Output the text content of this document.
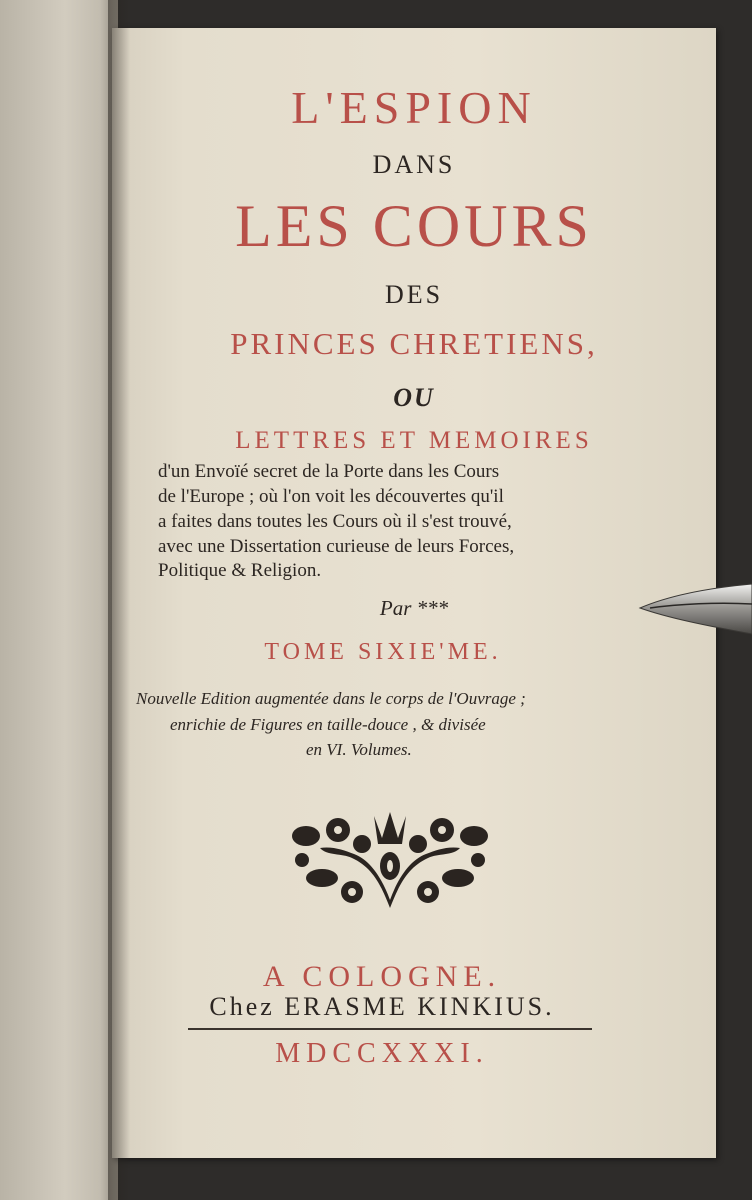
L'ESPION
DANS
LES COURS
DES
PRINCES CHRETIENS,
OU
LETTRES ET MEMOIRES
d'un Envoïé secret de la Porte dans les Cours
de l'Europe ; où l'on voit les découvertes qu'il
a faites dans toutes les Cours où il s'est trouvé,
avec une Dissertation curieuse de leurs Forces,
Politique & Religion.
Par ***
TOME SIXIE'ME.
Nouvelle Edition augmentée dans le corps de l'Ouvrage ;
enrichie de Figures en taille-douce , & divisée
en VI. Volumes.
A COLOGNE.
Chez ERASME KINKIUS.
MDCCXXXI.
